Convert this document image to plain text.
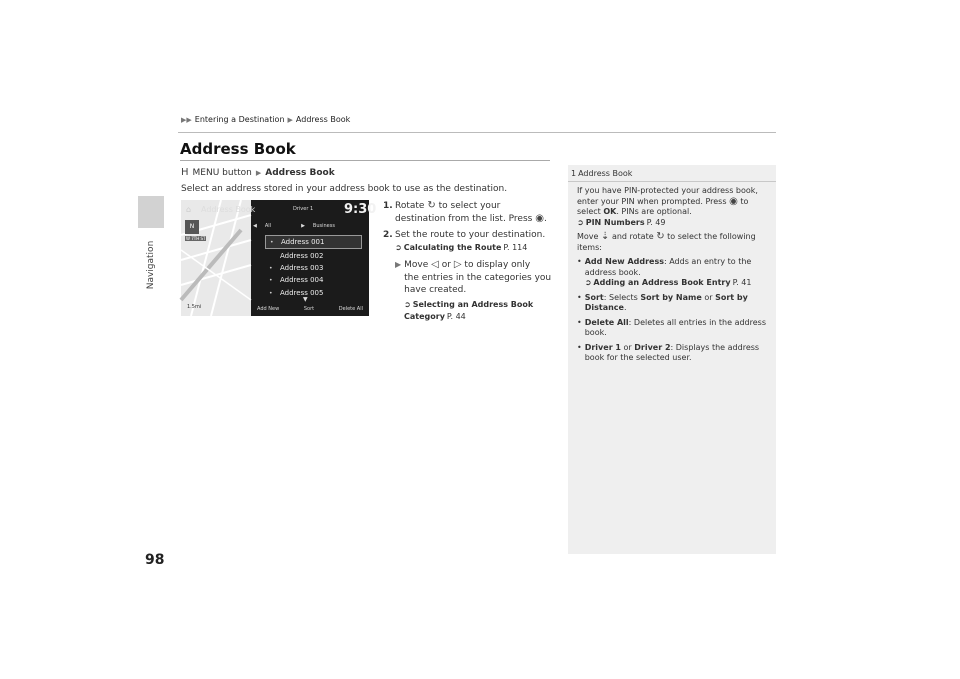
Navigation
98
▶▶ Entering a Destination ▶ Address Book
Address Book
H MENU button ▶ Address Book
Select an address stored in your address book to use as the destination.
N
W 7TH ST
1.5mi
⌂ Address Book	Driver 1 9:30
◀ All	▶ Business
• Address 001
Address 002
• Address 003
• Address 004
• Address 005
▼
Add New	Sort	Delete All
1. Rotate ↻ to select your
destination from the list. Press ◉.
2. Set the route to your destination.
➲ Calculating the Route P. 114
▶ Move ◁ or ▷ to display only
the entries in the categories you
have created.
➲ Selecting an Address Book
Category P. 44
1 Address Book

If you have PIN-protected your address book, enter your PIN when prompted. Press ◉ to select OK. PINs are optional.

➲ PIN Numbers P. 49

Move ⇣ and rotate ↻ to select the following items:

• Add New Address: Adds an entry to the address book.

➲ Adding an Address Book Entry P. 41
• Sort: Selects Sort by Name or Sort by Distance.
• Delete All: Deletes all entries in the address book.
• Driver 1 or Driver 2: Displays the address book for the selected user.
